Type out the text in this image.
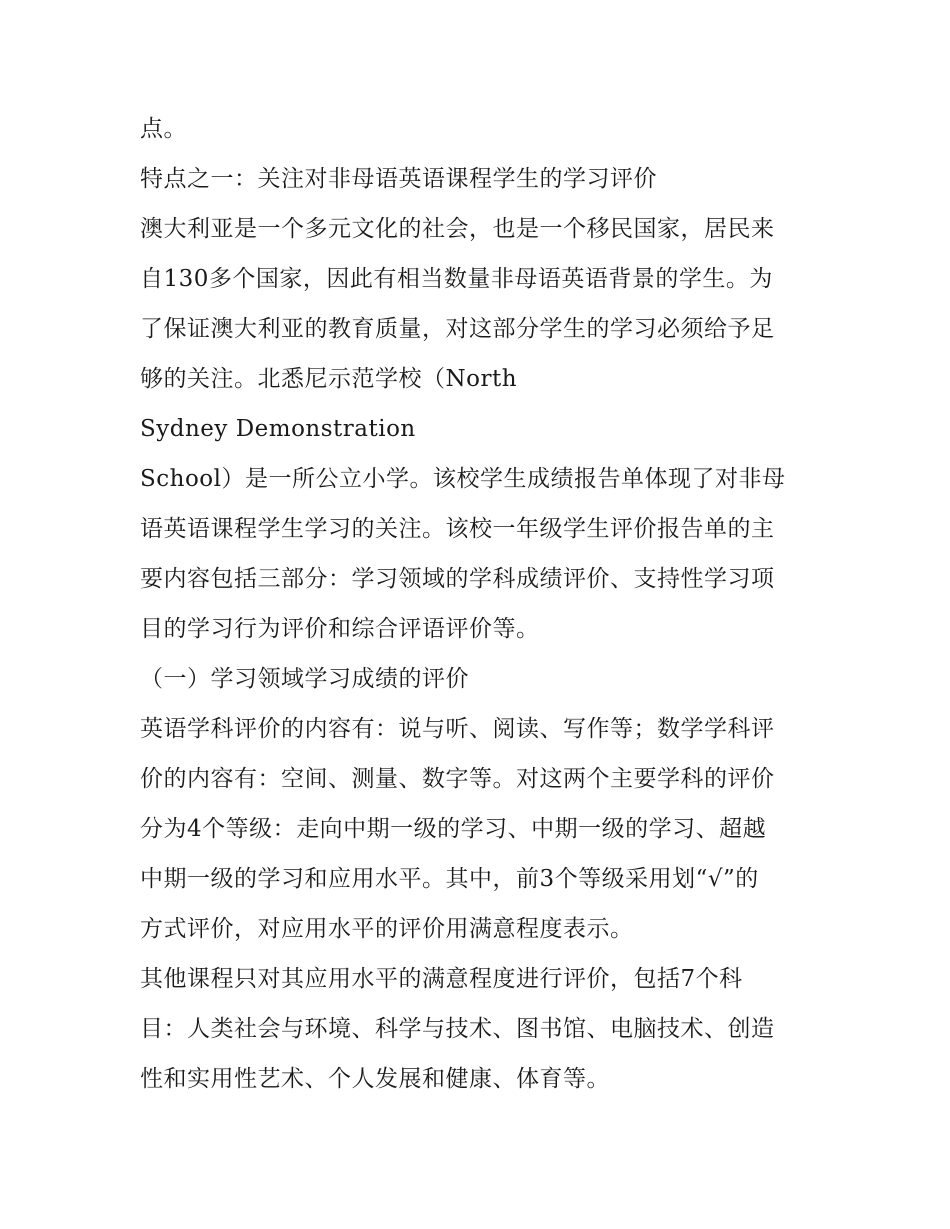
点。
特点之一：关注对非母语英语课程学生的学习评价
澳大利亚是一个多元文化的社会，也是一个移民国家，居民来
自130多个国家，因此有相当数量非母语英语背景的学生。为
了保证澳大利亚的教育质量，对这部分学生的学习必须给予足
够的关注。北悉尼示范学校（North
Sydney Demonstration
School）是一所公立小学。该校学生成绩报告单体现了对非母
语英语课程学生学习的关注。该校一年级学生评价报告单的主
要内容包括三部分：学习领域的学科成绩评价、支持性学习项
目的学习行为评价和综合评语评价等。
（一）学习领域学习成绩的评价
英语学科评价的内容有：说与听、阅读、写作等；数学学科评
价的内容有：空间、测量、数字等。对这两个主要学科的评价
分为4个等级：走向中期一级的学习、中期一级的学习、超越
中期一级的学习和应用水平。其中，前3个等级采用划“√”的
方式评价，对应用水平的评价用满意程度表示。
其他课程只对其应用水平的满意程度进行评价，包括7个科
目：人类社会与环境、科学与技术、图书馆、电脑技术、创造
性和实用性艺术、个人发展和健康、体育等。
